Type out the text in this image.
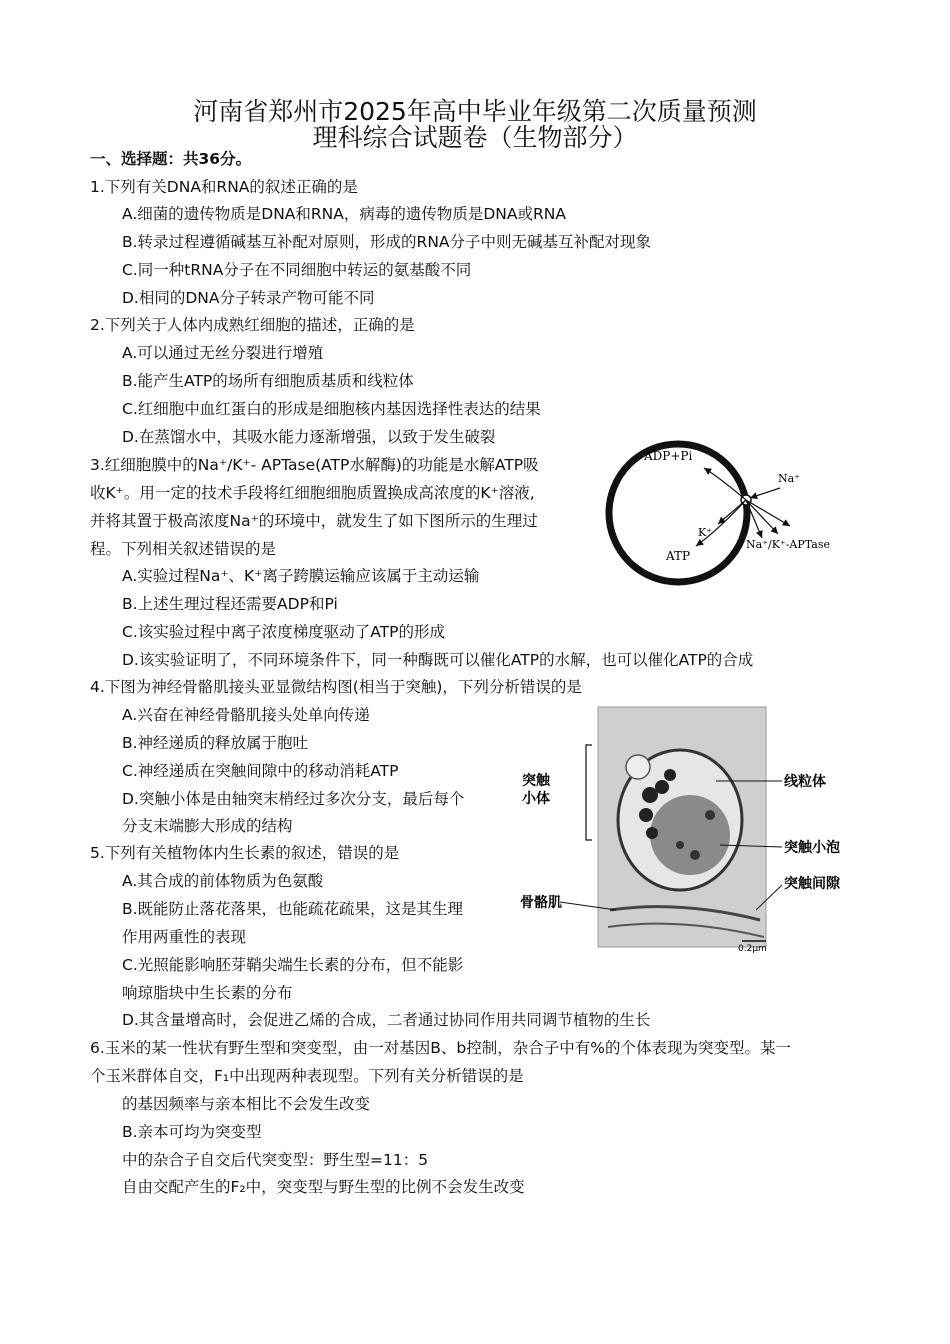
河南省郑州市2025年高中毕业年级第二次质量预测
理科综合试题卷（生物部分）
一、选择题：共36分。
1.下列有关DNA和RNA的叙述正确的是
A.细菌的遗传物质是DNA和RNA，病毒的遗传物质是DNA或RNA
B.转录过程遵循碱基互补配对原则，形成的RNA分子中则无碱基互补配对现象
C.同一种tRNA分子在不同细胞中转运的氨基酸不同
D.相同的DNA分子转录产物可能不同
2.下列关于人体内成熟红细胞的描述，正确的是
A.可以通过无丝分裂进行增殖
B.能产生ATP的场所有细胞质基质和线粒体
C.红细胞中血红蛋白的形成是细胞核内基因选择性表达的结果
D.在蒸馏水中，其吸水能力逐渐增强，以致于发生破裂
3.红细胞膜中的Na⁺/K⁺- APTase(ATP水解酶)的功能是水解ATP吸
收K⁺。用一定的技术手段将红细胞细胞质置换成高浓度的K⁺溶液,
并将其置于极高浓度Na⁺的环境中，就发生了如下图所示的生理过
程。下列相关叙述错误的是
A.实验过程Na⁺、K⁺离子跨膜运输应该属于主动运输
B.上述生理过程还需要ADP和Pi
C.该实验过程中离子浓度梯度驱动了ATP的形成
D.该实验证明了，不同环境条件下，同一种酶既可以催化ATP的水解，也可以催化ATP的合成
ADP+Pi
ATP
Na⁺
K⁺
Na⁺/K⁺-APTase
4.下图为神经骨骼肌接头亚显微结构图(相当于突触)，下列分析错误的是
A.兴奋在神经骨骼肌接头处单向传递
B.神经递质的释放属于胞吐
C.神经递质在突触间隙中的移动消耗ATP
D.突触小体是由轴突末梢经过多次分支，最后每个
分支末端膨大形成的结构
突触
小体
线粒体
突触小泡
突触间隙
骨骼肌
0.2μm
5.下列有关植物体内生长素的叙述，错误的是
A.其合成的前体物质为色氨酸
B.既能防止落花落果，也能疏花疏果，这是其生理
作用两重性的表现
C.光照能影响胚芽鞘尖端生长素的分布，但不能影
响琼脂块中生长素的分布
D.其含量增高时，会促进乙烯的合成，二者通过协同作用共同调节植物的生长
6.玉米的某一性状有野生型和突变型，由一对基因B、b控制，杂合子中有%的个体表现为突变型。某一
个玉米群体自交，F₁中出现两种表现型。下列有关分析错误的是
的基因频率与亲本相比不会发生改变
B.亲本可均为突变型
中的杂合子自交后代突变型：野生型=11：5
自由交配产生的F₂中，突变型与野生型的比例不会发生改变
